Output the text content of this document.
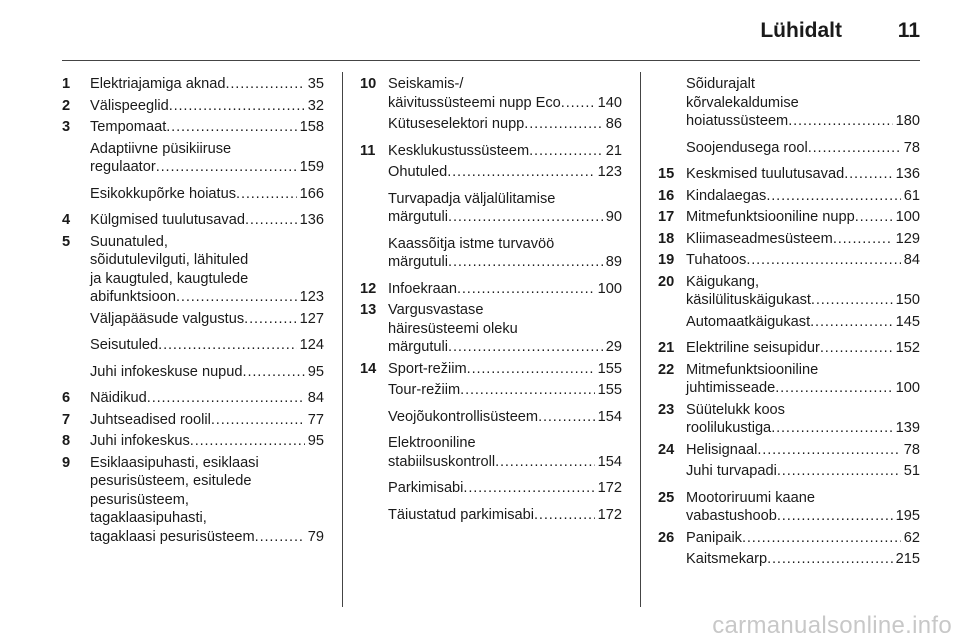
Lühidalt	11
1 Elektriajamiga aknad . . .	35
2 Välispeeglid . . .	32
3 Tempomaat . . .	158
Adaptiivne püsikiiruse
regulaator . . .	159
Esikokkupõrke hoiatus . . .	166
4 Külgmised tuulutusavad . . .	136
5 Suunatuled,
sõidutulevilguti, lähituled
ja kaugtuled, kaugtulede
abifunktsioon . . .	123
Väljapääsude valgustus . . .	127
Seisutuled . . .	124
Juhi infokeskuse nupud . . .	95
6 Näidikud . . .	84
7 Juhtseadised roolil . . .	77
8 Juhi infokeskus . . .	95
9 Esiklaasipuhasti, esiklaasi
pesurisüsteem, esitulede
pesurisüsteem,
tagaklaasipuhasti,
tagaklaasi pesurisüsteem . . .	79
10 Seiskamis-/
käivitussüsteemi nupp Eco . . .	140
Kütuseselektori nupp . . .	86
11 Kesklukustussüsteem . . .	21
Ohutuled . . .	123
Turvapadja väljalülitamise
märgutuli . . .	90
Kaassõitja istme turvavöö
märgutuli . . .	89
12 Infoekraan . . .	100
13 Vargusvastase
häiresüsteemi oleku
märgutuli . . .	29
14 Sport-režiim . . .	155
Tour-režiim . . .	155
Veojõukontrollisüsteem . . .	154
Elektrooniline
stabiilsuskontroll . . .	154
Parkimisabi . . .	172
Täiustatud parkimisabi . . .	172
Sõidurajalt
kõrvalekaldumise
hoiatussüsteem . . .	180
Soojendusega rool . . .	78
15 Keskmised tuulutusavad . . .	136
16 Kindalaegas . . .	61
17 Mitmefunktsiooniline nupp . . .	100
18 Kliimaseadmesüsteem . . .	129
19 Tuhatoos . . .	84
20 Käigukang,
käsilülituskäigukast . . .	150
Automaatkäigukast . . .	145
21 Elektriline seisupidur . . .	152
22 Mitmefunktsiooniline
juhtimisseade . . .	100
23 Süütelukk koos
roolilukustiga . . .	139
24 Helisignaal . . .	78
Juhi turvapadi . . .	51
25 Mootoriruumi kaane
vabastushoob . . .	195
26 Panipaik . . .	62
Kaitsmekarp . . .	215
carmanualsonline.info
